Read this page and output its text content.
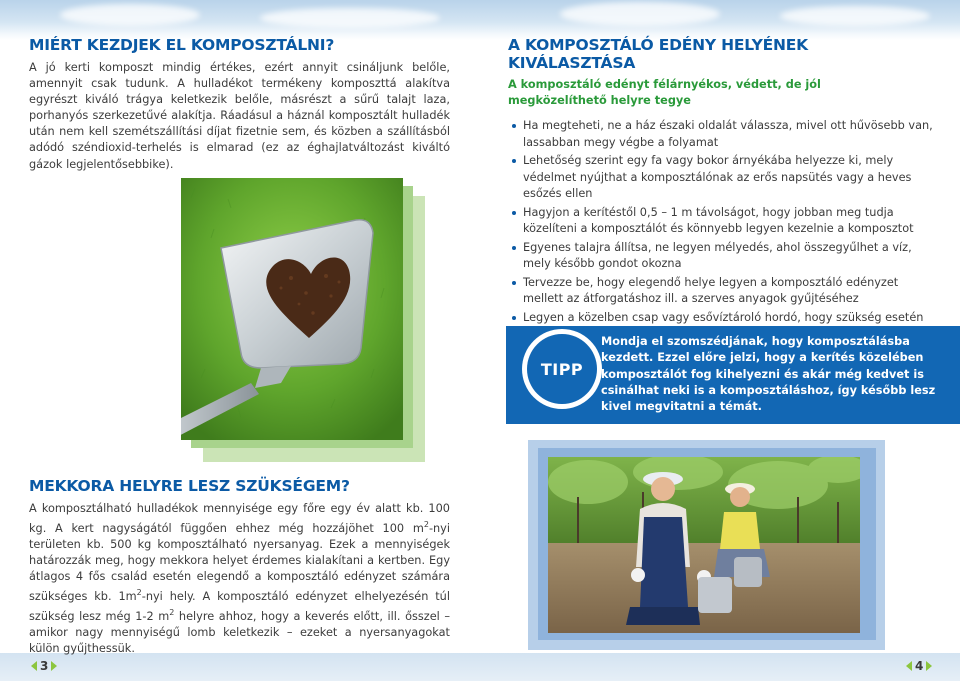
MIÉRT KEZDJEK EL KOMPOSZTÁLNI?

A jó kerti komposzt mindig értékes, ezért annyit csináljunk belőle, amennyit csak tudunk. A hulladékot termékeny komposzttá alakítva egyrészt kiváló trágya keletkezik belőle, másrészt a sűrű talajt laza, porhanyós szerkezetűvé alakítja. Ráadásul a háznál komposztált hulladék után nem kell szemétszállítási díjat fizetnie sem, és közben a szállításból adódó széndioxid-terhelés is elmarad (ez az éghajlatváltozást kiváltó gázok legjelentősebbike).

MEKKORA HELYRE LESZ SZÜKSÉGEM?

A komposztálható hulladékok mennyisége egy főre egy év alatt kb. 100 kg. A kert nagyságától függően ehhez még hozzájöhet 100 $m^2$-nyi területen kb. 500 kg komposztálható nyersanyag. Ezek a mennyiségek határozzák meg, hogy mekkora helyet érdemes kialakítani a kertben. Egy átlagos 4 fős család esetén elegendő a komposztáló edényzet számára szükséges kb. $1m^2$-nyi hely. A komposztáló edényzet elhelyezésén túl szükség lesz még 1-2 $m^2$ helyre ahhoz, hogy a keverés előtt, ill. ősszel – amikor nagy mennyiségű lomb keletkezik – ezeket a nyersanyagokat külön gyűjthessük.

3
A KOMPOSZTÁLÓ EDÉNY HELYÉNEK KIVÁLASZTÁSA

A komposztáló edényt félárnyékos, védett, de jól megközelíthető helyre tegye

Ha megteheti, ne a ház északi oldalát válassza, mivel ott hűvösebb van, lassabban megy végbe a folyamat
Lehetőség szerint egy fa vagy bokor árnyékába helyezze ki, mely védelmet nyújthat a komposztálónak az erős napsütés vagy a heves esőzés ellen
Hagyjon a kerítéstől 0,5 – 1 m távolságot, hogy jobban meg tudja közelíteni a komposztálót és könnyebb legyen kezelnie a komposztot
Egyenes talajra állítsa, ne legyen mélyedés, ahol összegyűlhet a víz, mely később gondot okozna
Tervezze be, hogy elegendő helye legyen a komposztáló edényzet mellett az átforgatáshoz ill. a szerves anyagok gyűjtéséhez
Legyen a közelben csap vagy esővíztároló hordó, hogy szükség esetén
TIPP

Mondja el szomszédjának, hogy komposztálásba kezdett. Ezzel előre jelzi, hogy a kerítés közelében komposztálót fog kihelyezni és akár még kedvet is csinálhat neki is a komposztáláshoz, így később lesz kivel megvitatni a témát.

4
